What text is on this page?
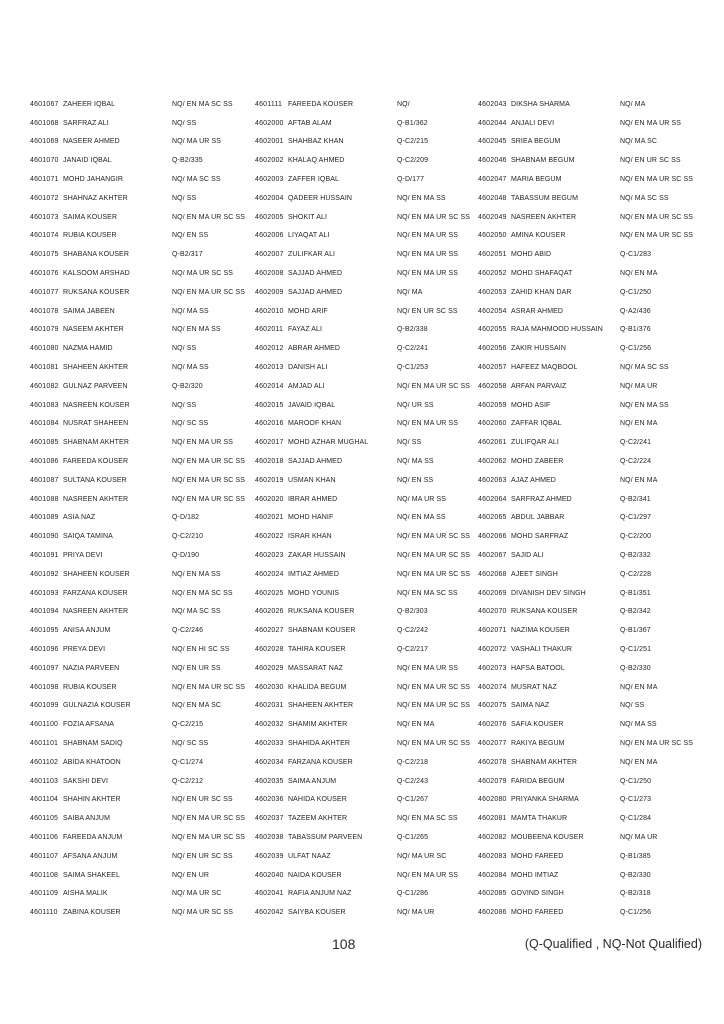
4601067 ZAHEER IQBAL	NQ/ EN MA SC SS
4601068 SARFRAZ ALI	NQ/ SS
4601069 NASEER AHMED	NQ/ MA UR SS
4601070 JANAID IQBAL	Q-B2/335
4601071 MOHD JAHANGIR	NQ/ MA SC SS
4601072 SHAHNAZ AKHTER	NQ/ SS
4601073 SAIMA KOUSER	NQ/ EN MA UR SC SS
4601074 RUBIA KOUSER	NQ/ EN SS
4601075 SHABANA KOUSER	Q-B2/317
4601076 KALSOOM ARSHAD	NQ/ MA UR SC SS
4601077 RUKSANA KOUSER	NQ/ EN MA UR SC SS
4601078 SAIMA JABEEN	NQ/ MA SS
4601079 NASEEM AKHTER	NQ/ EN MA SS
4601080 NAZMA HAMID	NQ/ SS
4601081 SHAHEEN AKHTER	NQ/ MA SS
4601082 GULNAZ PARVEEN	Q-B2/320
4601083 NASREEN KOUSER	NQ/ SS
4601084 NUSRAT SHAHEEN	NQ/ SC SS
4601085 SHABNAM AKHTER	NQ/ EN MA UR SS
4601086 FAREEDA KOUSER	NQ/ EN MA UR SC SS
4601087 SULTANA KOUSER	NQ/ EN MA UR SC SS
4601088 NASREEN AKHTER	NQ/ EN MA UR SC SS
4601089 ASIA NAZ	Q-D/182
4601090 SAIQA TAMINA	Q-C2/210
4601091 PRIYA DEVI	Q-D/190
4601092 SHAHEEN KOUSER	NQ/ EN MA SS
4601093 FARZANA KOUSER	NQ/ EN MA SC SS
4601094 NASREEN AKHTER	NQ/ MA SC SS
4601095 ANISA ANJUM	Q-C2/246
4601096 PREYA DEVI	NQ/ EN HI SC SS
4601097 NAZIA PARVEEN	NQ/ EN UR SS
4601098 RUBIA KOUSER	NQ/ EN MA UR SC SS
4601099 GULNAZIA KOUSER	NQ/ EN MA SC
4601100 FOZIA AFSANA	Q-C2/215
4601101 SHABNAM SADIQ	NQ/ SC SS
4601102 ABIDA KHATOON	Q-C1/274
4601103 SAKSHI DEVI	Q-C2/212
4601104 SHAHIN AKHTER	NQ/ EN UR SC SS
4601105 SAIBA ANJUM	NQ/ EN MA UR SC SS
4601106 FAREEDA ANJUM	NQ/ EN MA UR SC SS
4601107 AFSANA ANJUM	NQ/ EN UR SC SS
4601108 SAIMA SHAKEEL	NQ/ EN UR
4601109 AISHA MALIK	NQ/ MA UR SC
4601110 ZABINA KOUSER	NQ/ MA UR SC SS
4601111 FAREEDA KOUSER	NQ/
4602000 AFTAB ALAM	Q-B1/362
4602001 SHAHBAZ KHAN	Q-C2/215
4602002 KHALAQ AHMED	Q-C2/209
4602003 ZAFFER IQBAL	Q-D/177
4602004 QADEER HUSSAIN	NQ/ EN MA SS
4602005 SHOKIT ALI	NQ/ EN MA UR SC SS
4602006 LIYAQAT ALI	NQ/ EN MA UR SS
4602007 ZULIFKAR ALI	NQ/ EN MA UR SS
4602008 SAJJAD AHMED	NQ/ EN MA UR SS
4602009 SAJJAD AHMED	NQ/ MA
4602010 MOHD ARIF	NQ/ EN UR SC SS
4602011 FAYAZ ALI	Q-B2/338
4602012 ABRAR AHMED	Q-C2/241
4602013 DANISH ALI	Q-C1/253
4602014 AMJAD ALI	NQ/ EN MA UR SC SS
4602015 JAVAID IQBAL	NQ/ UR SS
4602016 MAROOF KHAN	NQ/ EN MA UR SS
4602017 MOHD AZHAR MUGHAL	NQ/ SS
4602018 SAJJAD AHMED	NQ/ MA SS
4602019 USMAN KHAN	NQ/ EN SS
4602020 IBRAR AHMED	NQ/ MA UR SS
4602021 MOHD HANIF	NQ/ EN MA SS
4602022 ISRAR KHAN	NQ/ EN MA UR SC SS
4602023 ZAKAR HUSSAIN	NQ/ EN MA UR SC SS
4602024 IMTIAZ AHMED	NQ/ EN MA UR SC SS
4602025 MOHD YOUNIS	NQ/ EN MA SC SS
4602026 RUKSANA KOUSER	Q-B2/303
4602027 SHABNAM KOUSER	Q-C2/242
4602028 TAHIRA KOUSER	Q-C2/217
4602029 MASSARAT NAZ	NQ/ EN MA UR SS
4602030 KHALIDA BEGUM	NQ/ EN MA UR SC SS
4602031 SHAHEEN AKHTER	NQ/ EN MA UR SC SS
4602032 SHAMIM AKHTER	NQ/ EN MA
4602033 SHAHIDA AKHTER	NQ/ EN MA UR SC SS
4602034 FARZANA KOUSER	Q-C2/218
4602035 SAIMA ANJUM	Q-C2/243
4602036 NAHIDA KOUSER	Q-C1/267
4602037 TAZEEM AKHTER	NQ/ EN MA SC SS
4602038 TABASSUM PARVEEN	Q-C1/265
4602039 ULFAT NAAZ	NQ/ MA UR SC
4602040 NAIDA KOUSER	NQ/ EN MA UR SS
4602041 RAFIA ANJUM NAZ	Q-C1/286
4602042 SAIYBA KOUSER	NQ/ MA UR
4602043 DIKSHA SHARMA	NQ/ MA
4602044 ANJALI DEVI	NQ/ EN MA UR SS
4602045 SRIEA BEGUM	NQ/ MA SC
4602046 SHABNAM BEGUM	NQ/ EN UR SC SS
4602047 MARIA BEGUM	NQ/ EN MA UR SC SS
4602048 TABASSUM BEGUM	NQ/ MA SC SS
4602049 NASREEN AKHTER	NQ/ EN MA UR SC SS
4602050 AMINA KOUSER	NQ/ EN MA UR SC SS
4602051 MOHD ABID	Q-C1/283
4602052 MOHD SHAFAQAT	NQ/ EN MA
4602053 ZAHID KHAN DAR	Q-C1/250
4602054 ASRAR AHMED	Q-A2/436
4602055 RAJA MAHMOOD HUSSAIN	Q-B1/376
4602056 ZAKIR HUSSAIN	Q-C1/256
4602057 HAFEEZ MAQBOOL	NQ/ MA SC SS
4602058 ARFAN PARVAIZ	NQ/ MA UR
4602059 MOHD ASIF	NQ/ EN MA SS
4602060 ZAFFAR IQBAL	NQ/ EN MA
4602061 ZULIFQAR ALI	Q-C2/241
4602062 MOHD ZABEER	Q-C2/224
4602063 AJAZ AHMED	NQ/ EN MA
4602064 SARFRAZ AHMED	Q-B2/341
4602065 ABDUL JABBAR	Q-C1/297
4602066 MOHD SARFRAZ	Q-C2/200
4602067 SAJID ALI	Q-B2/332
4602068 AJEET SINGH	Q-C2/228
4602069 DIVANISH DEV SINGH	Q-B1/351
4602070 RUKSANA KOUSER	Q-B2/342
4602071 NAZIMA KOUSER	Q-B1/367
4602072 VASHALI THAKUR	Q-C1/251
4602073 HAFSA BATOOL	Q-B2/330
4602074 MUSRAT NAZ	NQ/ EN MA
4602075 SAIMA NAZ	NQ/ SS
4602076 SAFIA KOUSER	NQ/ MA SS
4602077 RAKIYA BEGUM	NQ/ EN MA UR SC SS
4602078 SHABNAM AKHTER	NQ/ EN MA
4602079 FARIDA BEGUM	Q-C1/250
4602080 PRIYANKA SHARMA	Q-C1/273
4602081 MAMTA THAKUR	Q-C1/284
4602082 MOUBEENA KOUSER	NQ/ MA UR
4602083 MOHD FAREED	Q-B1/385
4602084 MOHD IMTIAZ	Q-B2/330
4602085 GOVIND SINGH	Q-B2/318
4602086 MOHD FAREED	Q-C1/256
108	(Q-Qualified , NQ-Not Qualified)
